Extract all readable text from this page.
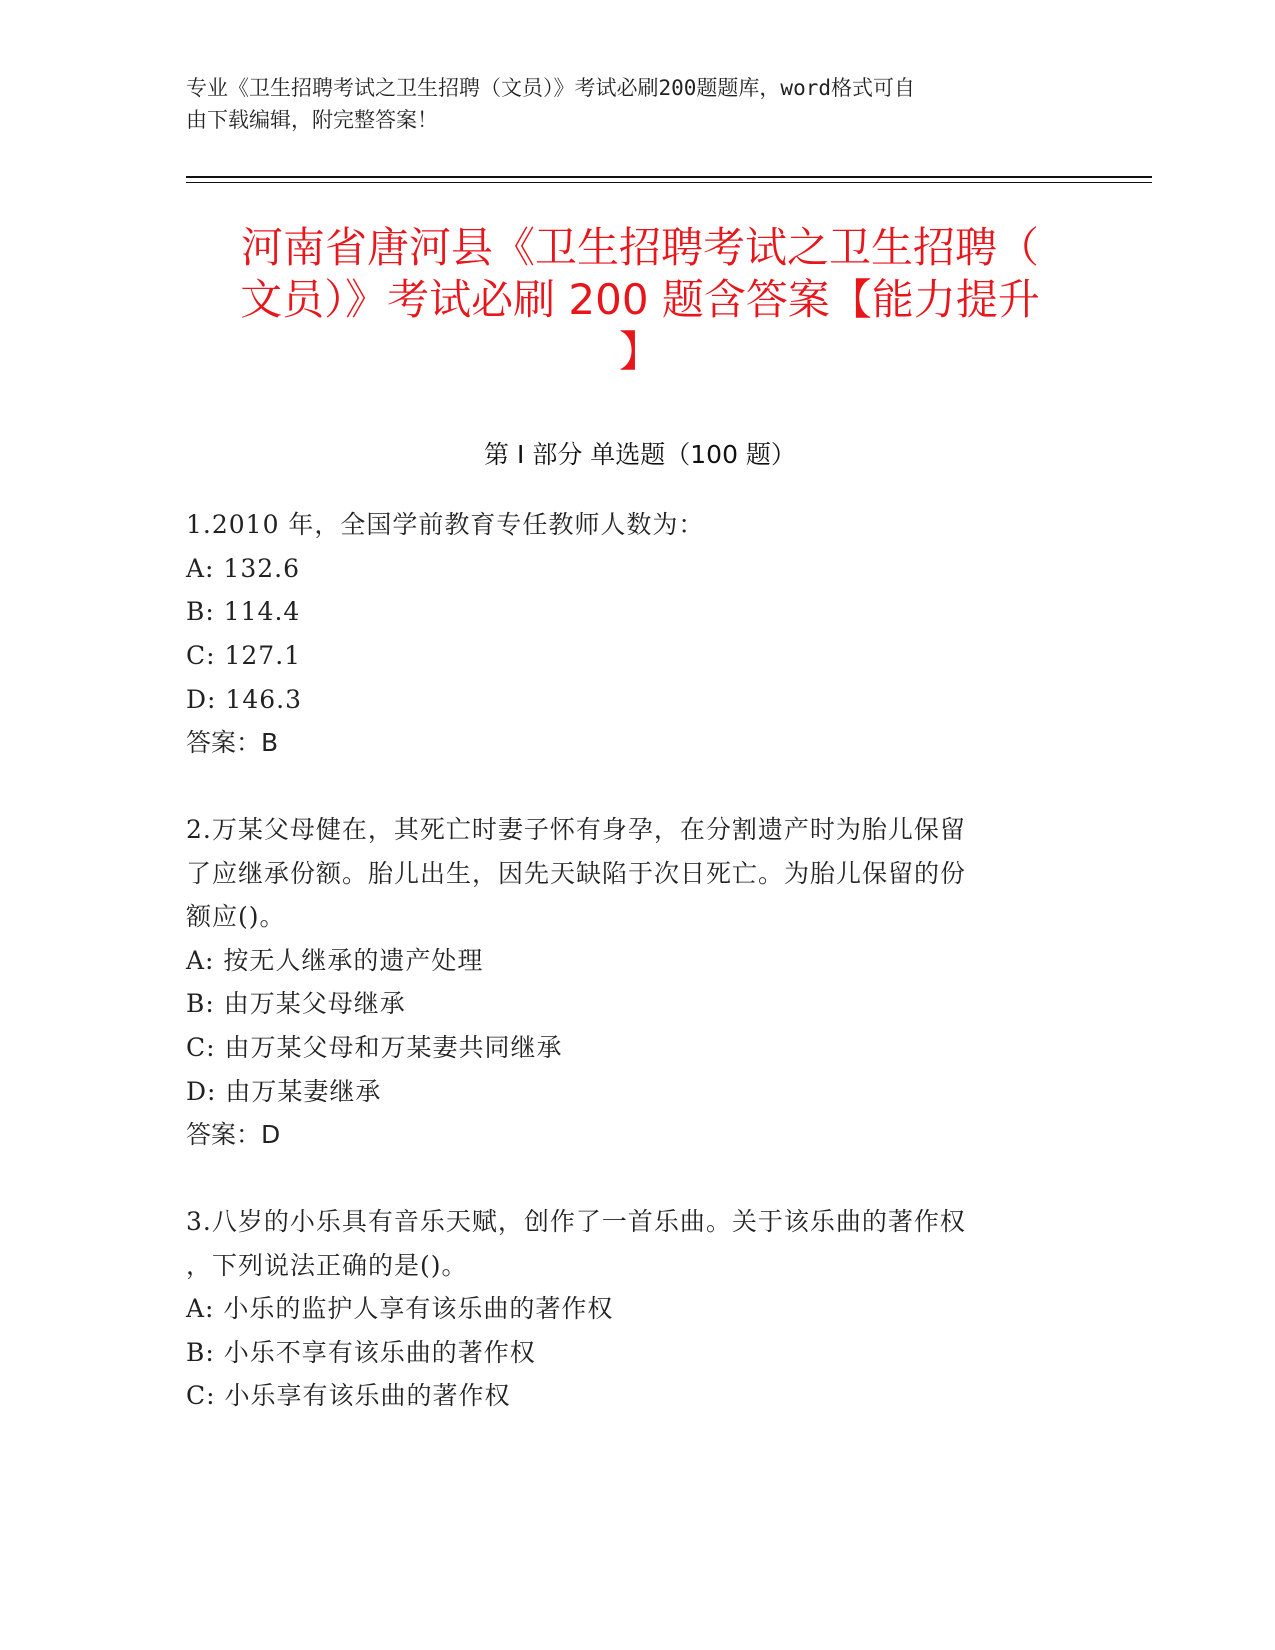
专业《卫生招聘考试之卫生招聘（文员）》考试必刷200题题库，word格式可自
由下载编辑，附完整答案！
河南省唐河县《卫生招聘考试之卫生招聘（
文员）》考试必刷 200 题含答案【能力提升
】
第 I 部分 单选题（100 题）
1.2010 年，全国学前教育专任教师人数为：
A: 132.6
B: 114.4
C: 127.1
D: 146.3
答案：B
2.万某父母健在，其死亡时妻子怀有身孕，在分割遗产时为胎儿保留
了应继承份额。胎儿出生，因先天缺陷于次日死亡。为胎儿保留的份
额应()。
A: 按无人继承的遗产处理
B: 由万某父母继承
C: 由万某父母和万某妻共同继承
D: 由万某妻继承
答案：D
3.八岁的小乐具有音乐天赋，创作了一首乐曲。关于该乐曲的著作权
，下列说法正确的是()。
A: 小乐的监护人享有该乐曲的著作权
B: 小乐不享有该乐曲的著作权
C: 小乐享有该乐曲的著作权
